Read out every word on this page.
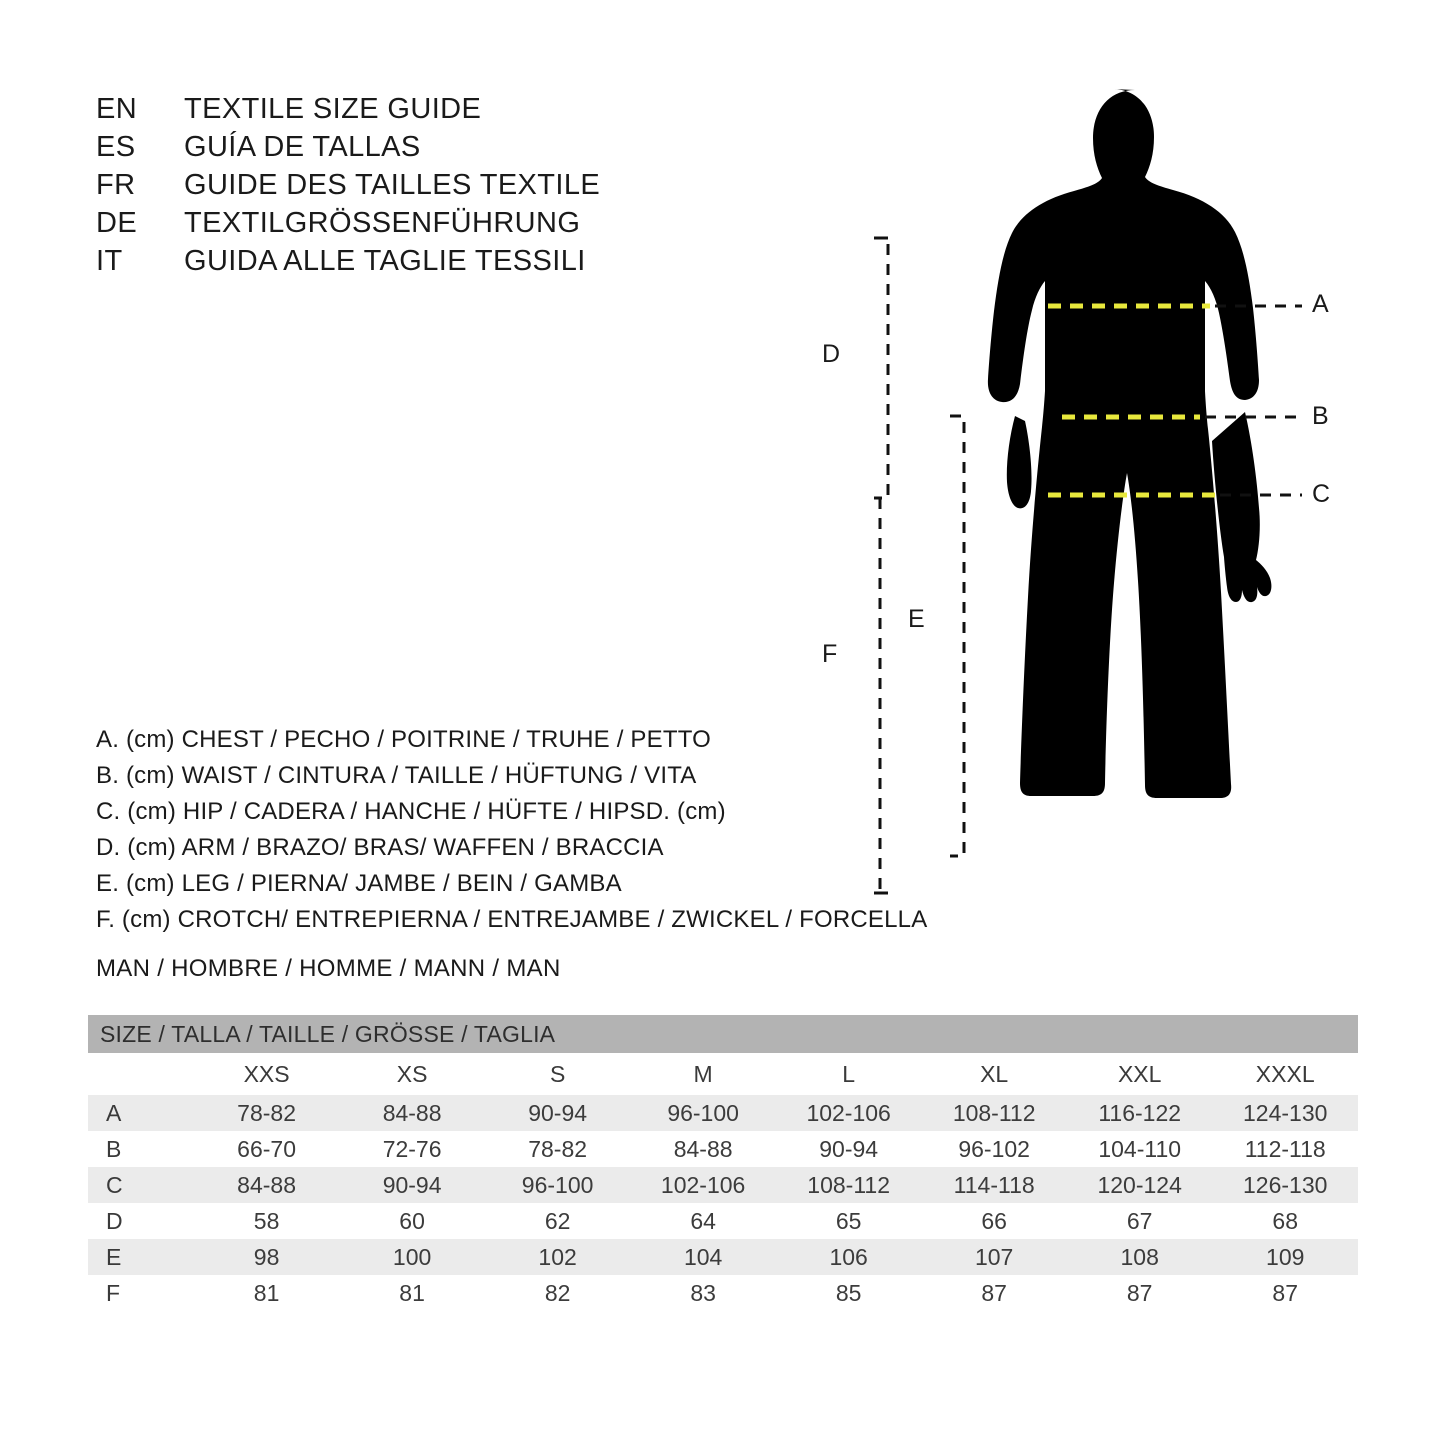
EN	TEXTILE SIZE GUIDE
ES	GUÍA DE TALLAS
FR	GUIDE DES TAILLES TEXTILE
DE	TEXTILGRÖSSENFÜHRUNG
IT	GUIDA ALLE TAGLIE TESSILI
A. (cm) CHEST / PECHO / POITRINE / TRUHE / PETTO
B. (cm) WAIST / CINTURA / TAILLE / HÜFTUNG / VITA
C. (cm) HIP / CADERA / HANCHE / HÜFTE / HIPSD. (cm)
D. (cm) ARM / BRAZO/ BRAS/ WAFFEN / BRACCIA
E. (cm) LEG / PIERNA/ JAMBE / BEIN / GAMBA
F. (cm) CROTCH/ ENTREPIERNA / ENTREJAMBE / ZWICKEL / FORCELLA
MAN / HOMBRE / HOMME / MANN / MAN
A
B
C
D
E
F
SIZE / TALLA / TAILLE / GRÖSSE / TAGLIA								
	XXS	XS	S	M	L	XL	XXL	XXXL
A	78-82	84-88	90-94	96-100	102-106	108-112	116-122	124-130
B	66-70	72-76	78-82	84-88	90-94	96-102	104-110	112-118
C	84-88	90-94	96-100	102-106	108-112	114-118	120-124	126-130
D	58	60	62	64	65	66	67	68
E	98	100	102	104	106	107	108	109
F	81	81	82	83	85	87	87	87
